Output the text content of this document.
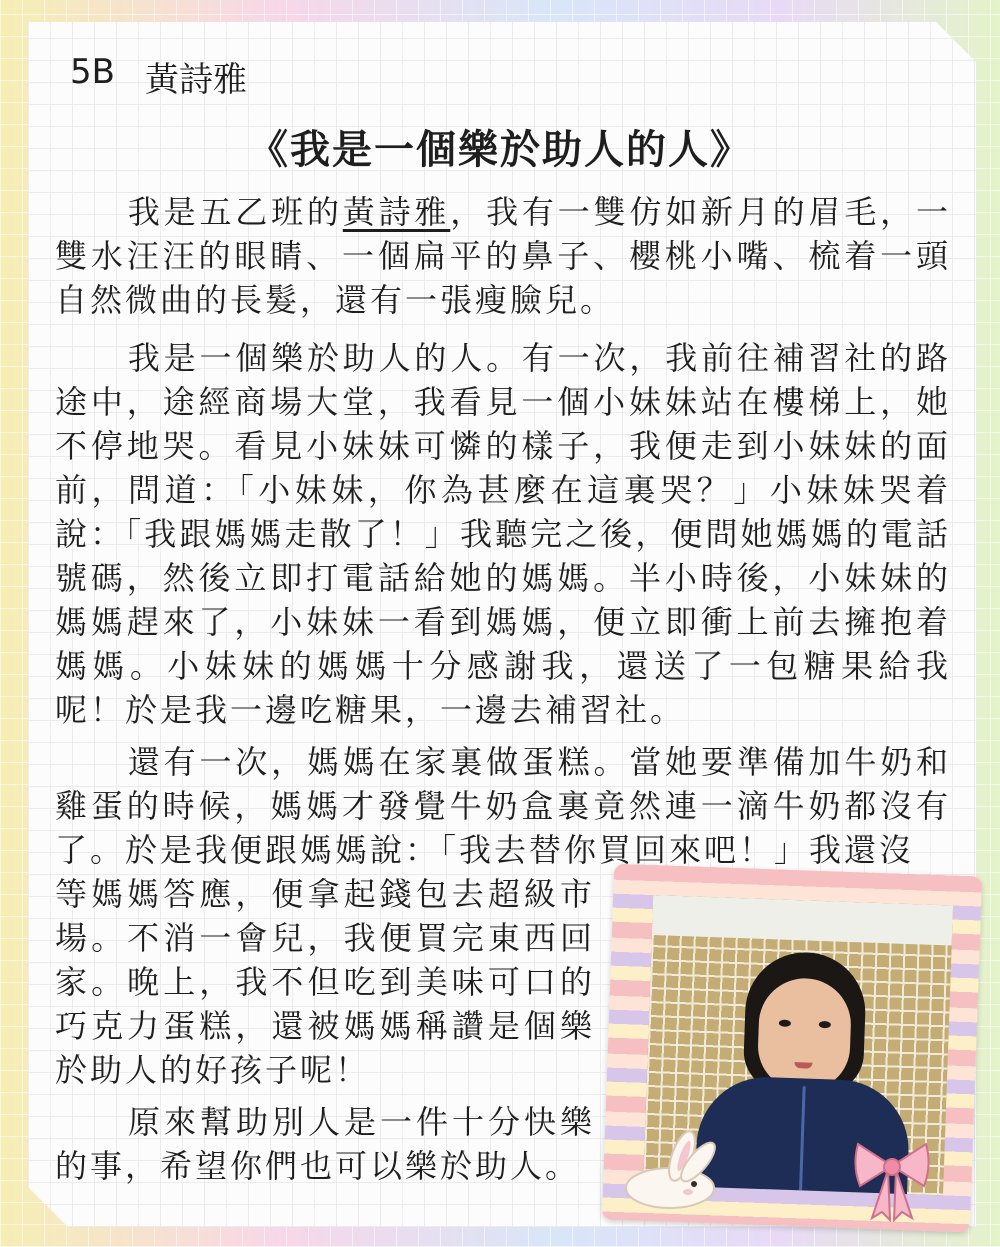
5B 黃詩雅
《我是一個樂於助人的人》

我是五乙班的黃詩雅，我有一雙仿如新月的眉毛，一雙水汪汪的眼睛、一個扁平的鼻子、櫻桃小嘴、梳着一頭自然微曲的長髮，還有一張瘦臉兒。

我是一個樂於助人的人。有一次，我前往補習社的路途中，途經商場大堂，我看見一個小妹妹站在樓梯上，她不停地哭。看見小妹妹可憐的樣子，我便走到小妹妹的面前，問道：「小妹妹，你為甚麼在這裏哭？」小妹妹哭着說：「我跟媽媽走散了！」我聽完之後，便問她媽媽的電話號碼，然後立即打電話給她的媽媽。半小時後，小妹妹的媽媽趕來了，小妹妹一看到媽媽，便立即衝上前去擁抱着媽媽。小妹妹的媽媽十分感謝我，還送了一包糖果給我呢！於是我一邊吃糖果，一邊去補習社。

還有一次，媽媽在家裏做蛋糕。當她要準備加牛奶和雞蛋的時候，媽媽才發覺牛奶盒裏竟然連一滴牛奶都沒有了。於是我便跟媽媽說：「我去替你買回來吧！」我還沒

等媽媽答應，便拿起錢包去超級市場。不消一會兒，我便買完東西回家。晚上，我不但吃到美味可口的巧克力蛋糕，還被媽媽稱讚是個樂於助人的好孩子呢！

原來幫助別人是一件十分快樂的事，希望你們也可以樂於助人。
